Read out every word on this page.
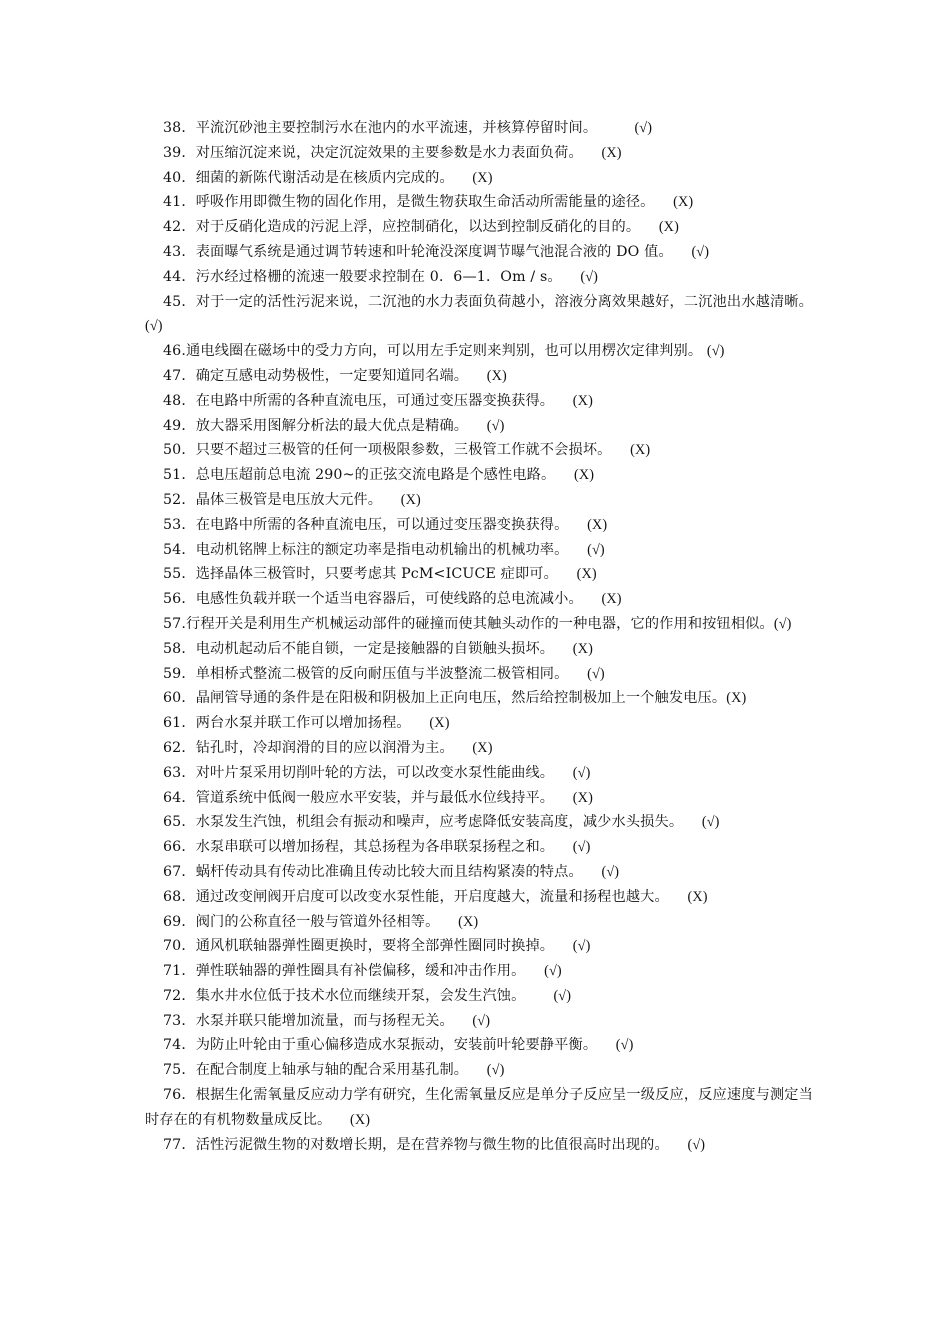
38．平流沉砂池主要控制污水在池内的水平流速，并核算停留时间。	(√)
39．对压缩沉淀来说，决定沉淀效果的主要参数是水力表面负荷。 (X)
40．细菌的新陈代谢活动是在核质内完成的。 (X)
41．呼吸作用即微生物的固化作用，是微生物获取生命活动所需能量的途径。 (X)
42．对于反硝化造成的污泥上浮，应控制硝化，以达到控制反硝化的目的。 (X)
43．表面曝气系统是通过调节转速和叶轮淹没深度调节曝气池混合液的 DO 值。 (√)
44．污水经过格栅的流速一般要求控制在 0．6—1．Om / s。 (√)
45．对于一定的活性污泥来说，二沉池的水力表面负荷越小，溶液分离效果越好，二沉池出水越清晰。(√)
46.通电线圈在磁场中的受力方向，可以用左手定则来判别，也可以用楞次定律判别。 (√)
47．确定互感电动势极性，一定要知道同名端。 (X)
48．在电路中所需的各种直流电压，可通过变压器变换获得。 (X)
49．放大器采用图解分析法的最大优点是精确。 (√)
50．只要不超过三极管的任何一项极限参数，三极管工作就不会损坏。 (X)
51．总电压超前总电流 290~的正弦交流电路是个感性电路。 (X)
52．晶体三极管是电压放大元件。 (X)
53．在电路中所需的各种直流电压，可以通过变压器变换获得。 (X)
54．电动机铭牌上标注的额定功率是指电动机输出的机械功率。 (√)
55．选择晶体三极管时，只要考虑其 PcM<ICUCE 症即可。 (X)
56．电感性负载并联一个适当电容器后，可使线路的总电流减小。 (X)
57.行程开关是利用生产机械运动部件的碰撞而使其触头动作的一种电器，它的作用和按钮相似。(√)
58．电动机起动后不能自锁，一定是接触器的自锁触头损坏。 (X)
59．单相桥式整流二极管的反向耐压值与半波整流二极管相同。 (√)
60．晶闸管导通的条件是在阳极和阴极加上正向电压，然后给控制极加上一个触发电压。(X)
61．两台水泵并联工作可以增加扬程。 (X)
62．钻孔时，冷却润滑的目的应以润滑为主。 (X)
63．对叶片泵采用切削叶轮的方法，可以改变水泵性能曲线。 (√)
64．管道系统中低阀一般应水平安装，并与最低水位线持平。 (X)
65．水泵发生汽蚀，机组会有振动和噪声，应考虑降低安装高度，减少水头损失。 (√)
66．水泵串联可以增加扬程，其总扬程为各串联泵扬程之和。 (√)
67．蜗杆传动具有传动比准确且传动比较大而且结构紧凑的特点。 (√)
68．通过改变闸阀开启度可以改变水泵性能，开启度越大，流量和扬程也越大。 (X)
69．阀门的公称直径一般与管道外径相等。 (X)
70．通风机联轴器弹性圈更换时，要将全部弹性圈同时换掉。 (√)
71．弹性联轴器的弹性圈具有补偿偏移，缓和冲击作用。 (√)
72．集水井水位低于技术水位而继续开泵，会发生汽蚀。 (√)
73．水泵并联只能增加流量，而与扬程无关。 (√)
74．为防止叶轮由于重心偏移造成水泵振动，安装前叶轮要静平衡。 (√)
75．在配合制度上轴承与轴的配合采用基孔制。 (√)
76．根据生化需氧量反应动力学有研究，生化需氧量反应是单分子反应呈一级反应，反应速度与测定当时存在的有机物数量成反比。 (X)
77．活性污泥微生物的对数增长期，是在营养物与微生物的比值很高时出现的。 (√)
